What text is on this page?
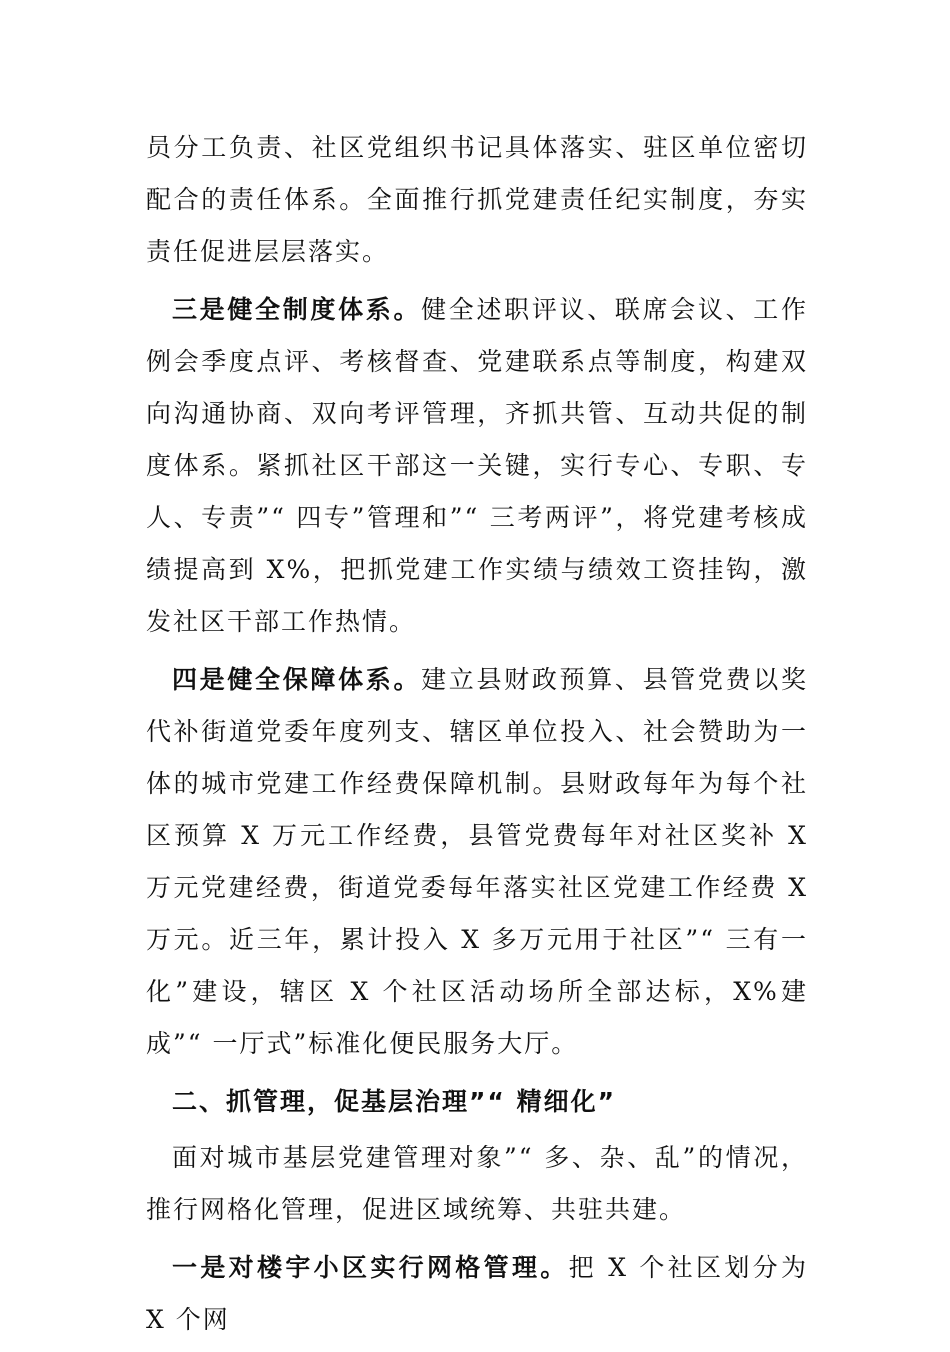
员分工负责、社区党组织书记具体落实、驻区单位密切配合的责任体系。全面推行抓党建责任纪实制度，夯实责任促进层层落实。

三是健全制度体系。健全述职评议、联席会议、工作例会季度点评、考核督查、党建联系点等制度，构建双向沟通协商、双向考评管理，齐抓共管、互动共促的制度体系。紧抓社区干部这一关键，实行专心、专职、专人、专责”“ 四专”管理和”“ 三考两评”，将党建考核成绩提高到 X%，把抓党建工作实绩与绩效工资挂钩，激发社区干部工作热情。

四是健全保障体系。建立县财政预算、县管党费以奖代补街道党委年度列支、辖区单位投入、社会赞助为一体的城市党建工作经费保障机制。县财政每年为每个社区预算 X 万元工作经费，县管党费每年对社区奖补 X 万元党建经费，街道党委每年落实社区党建工作经费 X 万元。近三年，累计投入 X 多万元用于社区”“ 三有一化”建设，辖区 X 个社区活动场所全部达标，X%建成”“ 一厅式”标准化便民服务大厅。

二、抓管理，促基层治理”“ 精细化”

面对城市基层党建管理对象”“ 多、杂、乱”的情况，推行网格化管理，促进区域统筹、共驻共建。

一是对楼宇小区实行网格管理。把 X 个社区划分为 X 个网
